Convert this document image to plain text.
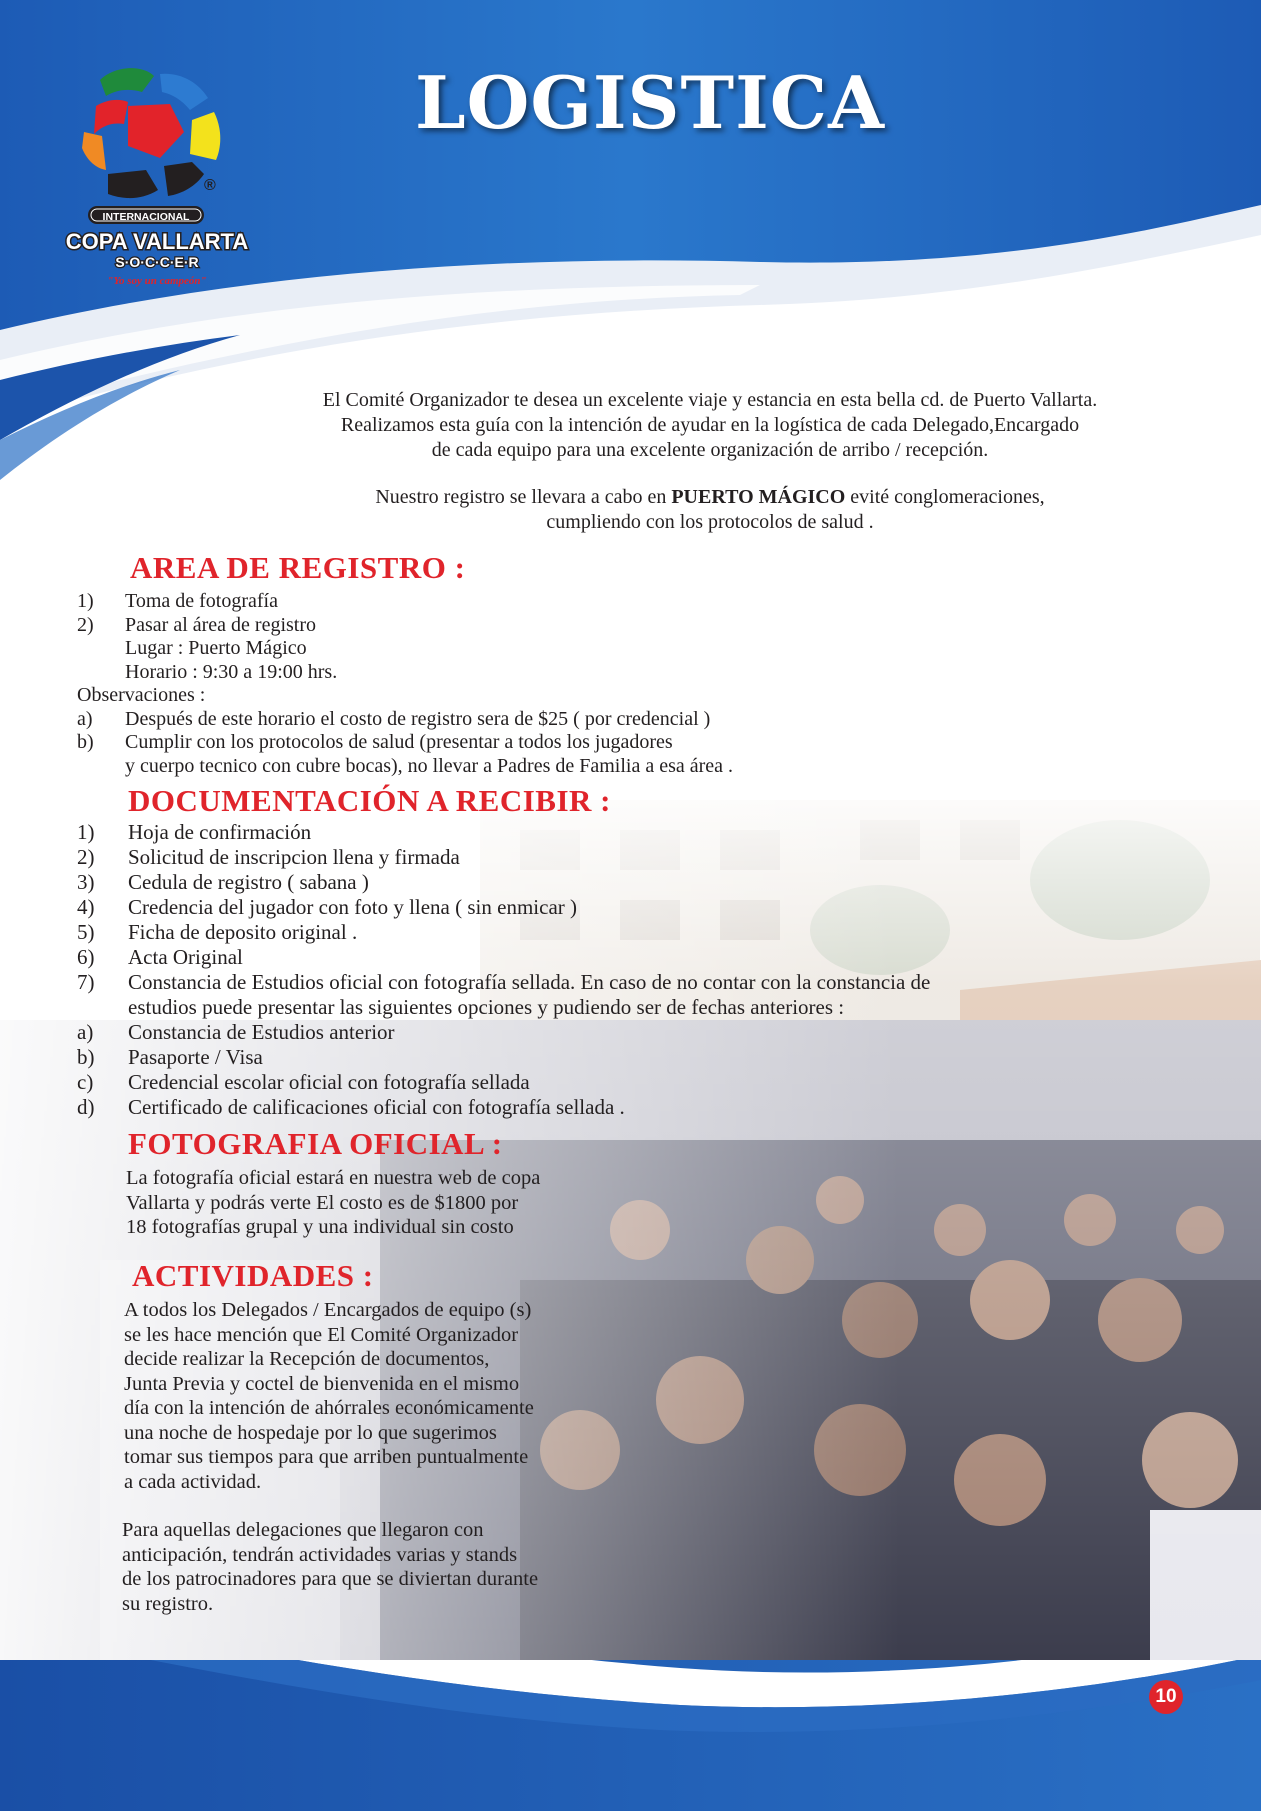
®
INTERNACIONAL
COPA VALLARTA
S·O·C·C·E·R
"Yo soy un campeón"
LOGISTICA

El Comité Organizador te desea un excelente viaje y estancia en esta bella cd. de Puerto Vallarta.
Realizamos esta guía con la intención de ayudar en la logística de cada Delegado,Encargado
de cada equipo para una excelente organización de arribo / recepción.

Nuestro registro se llevara a cabo en PUERTO MÁGICO evité conglomeraciones,
cumpliendo con los protocolos de salud .

AREA DE REGISTRO :
1) Toma de fotografía
2) Pasar al área de registro
Lugar : Puerto Mágico
Horario : 9:30 a 19:00 hrs.
Observaciones :
a) Después de este horario el costo de registro sera de $25 ( por credencial )
b) Cumplir con los protocolos de salud (presentar a todos los jugadores
y cuerpo tecnico con cubre bocas), no llevar a Padres de Familia a esa área .
DOCUMENTACIÓN A RECIBIR :
1) Hoja de confirmación
2) Solicitud de inscripcion llena y firmada
3) Cedula de registro ( sabana )
4) Credencia del jugador con foto y llena ( sin enmicar )
5) Ficha de deposito original .
6) Acta Original
7) Constancia de Estudios oficial con fotografía sellada. En caso de no contar con la constancia de
estudios puede presentar las siguientes opciones y pudiendo ser de fechas anteriores :
a) Constancia de Estudios anterior
b) Pasaporte / Visa
c) Credencial escolar oficial con fotografía sellada
d) Certificado de calificaciones oficial con fotografía sellada .
FOTOGRAFIA OFICIAL :

La fotografía oficial estará en nuestra web de copa
Vallarta y podrás verte El costo es de $1800 por
18 fotografías grupal y una individual sin costo

ACTIVIDADES :

A todos los Delegados / Encargados de equipo (s)
se les hace mención que El Comité Organizador
decide realizar la Recepción de documentos,
Junta Previa y coctel de bienvenida en el mismo
día con la intención de ahórrales económicamente
una noche de hospedaje por lo que sugerimos
tomar sus tiempos para que arriben puntualmente
a cada actividad.

Para aquellas delegaciones que llegaron con
anticipación, tendrán actividades varias y stands
de los patrocinadores para que se diviertan durante
su registro.

10
